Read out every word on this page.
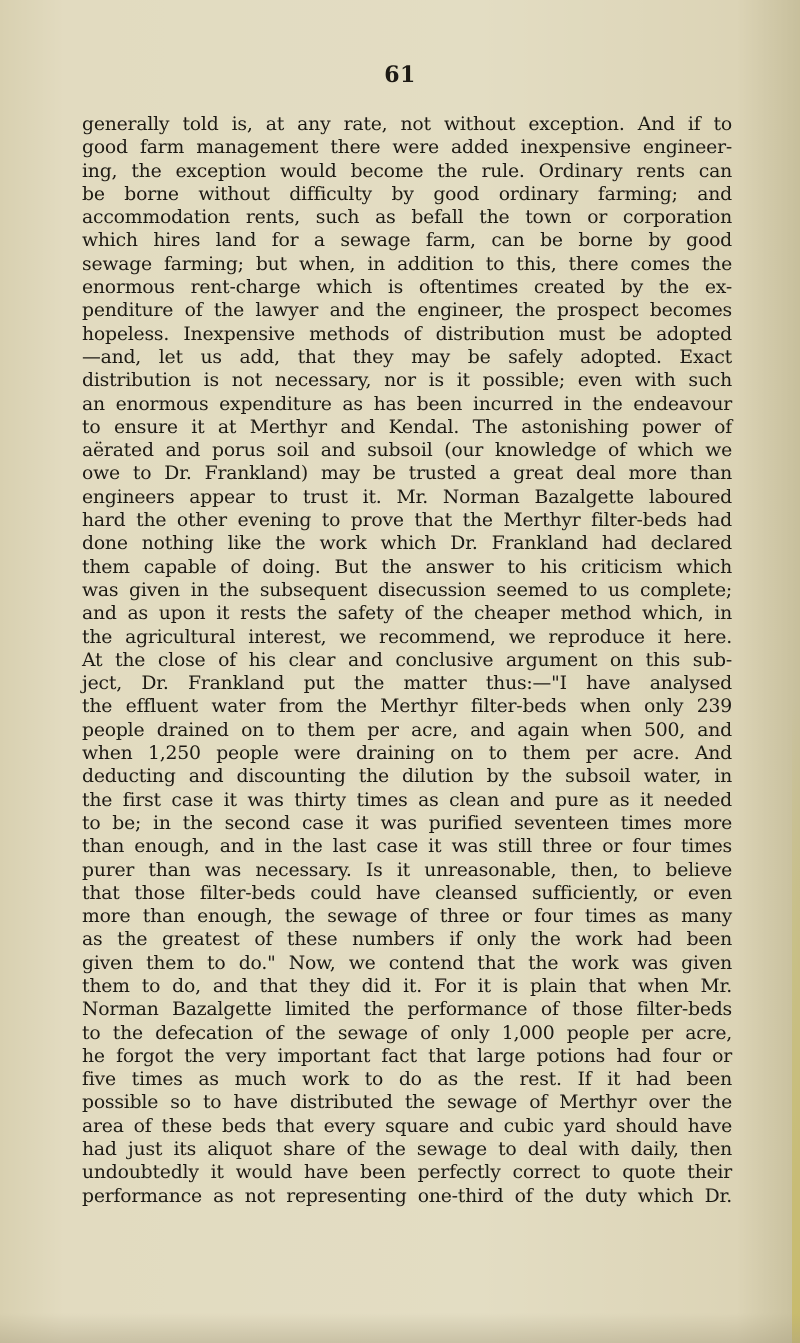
61
generally told is, at any rate, not without exception. And if to
good farm management there were added inexpensive engineer-
ing, the exception would become the rule. Ordinary rents can
be borne without difficulty by good ordinary farming; and
accommodation rents, such as befall the town or corporation
which hires land for a sewage farm, can be borne by good
sewage farming; but when, in addition to this, there comes the
enormous rent-charge which is oftentimes created by the ex-
penditure of the lawyer and the engineer, the prospect becomes
hopeless. Inexpensive methods of distribution must be adopted
—and, let us add, that they may be safely adopted. Exact
distribution is not necessary, nor is it possible; even with such
an enormous expenditure as has been incurred in the endeavour
to ensure it at Merthyr and Kendal. The astonishing power of
aërated and porus soil and subsoil (our knowledge of which we
owe to Dr. Frankland) may be trusted a great deal more than
engineers appear to trust it. Mr. Norman Bazalgette laboured
hard the other evening to prove that the Merthyr filter-beds had
done nothing like the work which Dr. Frankland had declared
them capable of doing. But the answer to his criticism which
was given in the subsequent disecussion seemed to us complete;
and as upon it rests the safety of the cheaper method which, in
the agricultural interest, we recommend, we reproduce it here.
At the close of his clear and conclusive argument on this sub-
ject, Dr. Frankland put the matter thus:—"I have analysed
the effluent water from the Merthyr filter-beds when only 239
people drained on to them per acre, and again when 500, and
when 1,250 people were draining on to them per acre. And
deducting and discounting the dilution by the subsoil water, in
the first case it was thirty times as clean and pure as it needed
to be; in the second case it was purified seventeen times more
than enough, and in the last case it was still three or four times
purer than was necessary. Is it unreasonable, then, to believe
that those filter-beds could have cleansed sufficiently, or even
more than enough, the sewage of three or four times as many
as the greatest of these numbers if only the work had been
given them to do." Now, we contend that the work was given
them to do, and that they did it. For it is plain that when Mr.
Norman Bazalgette limited the performance of those filter-beds
to the defecation of the sewage of only 1,000 people per acre,
he forgot the very important fact that large potions had four or
five times as much work to do as the rest. If it had been
possible so to have distributed the sewage of Merthyr over the
area of these beds that every square and cubic yard should have
had just its aliquot share of the sewage to deal with daily, then
undoubtedly it would have been perfectly correct to quote their
performance as not representing one-third of the duty which Dr.
